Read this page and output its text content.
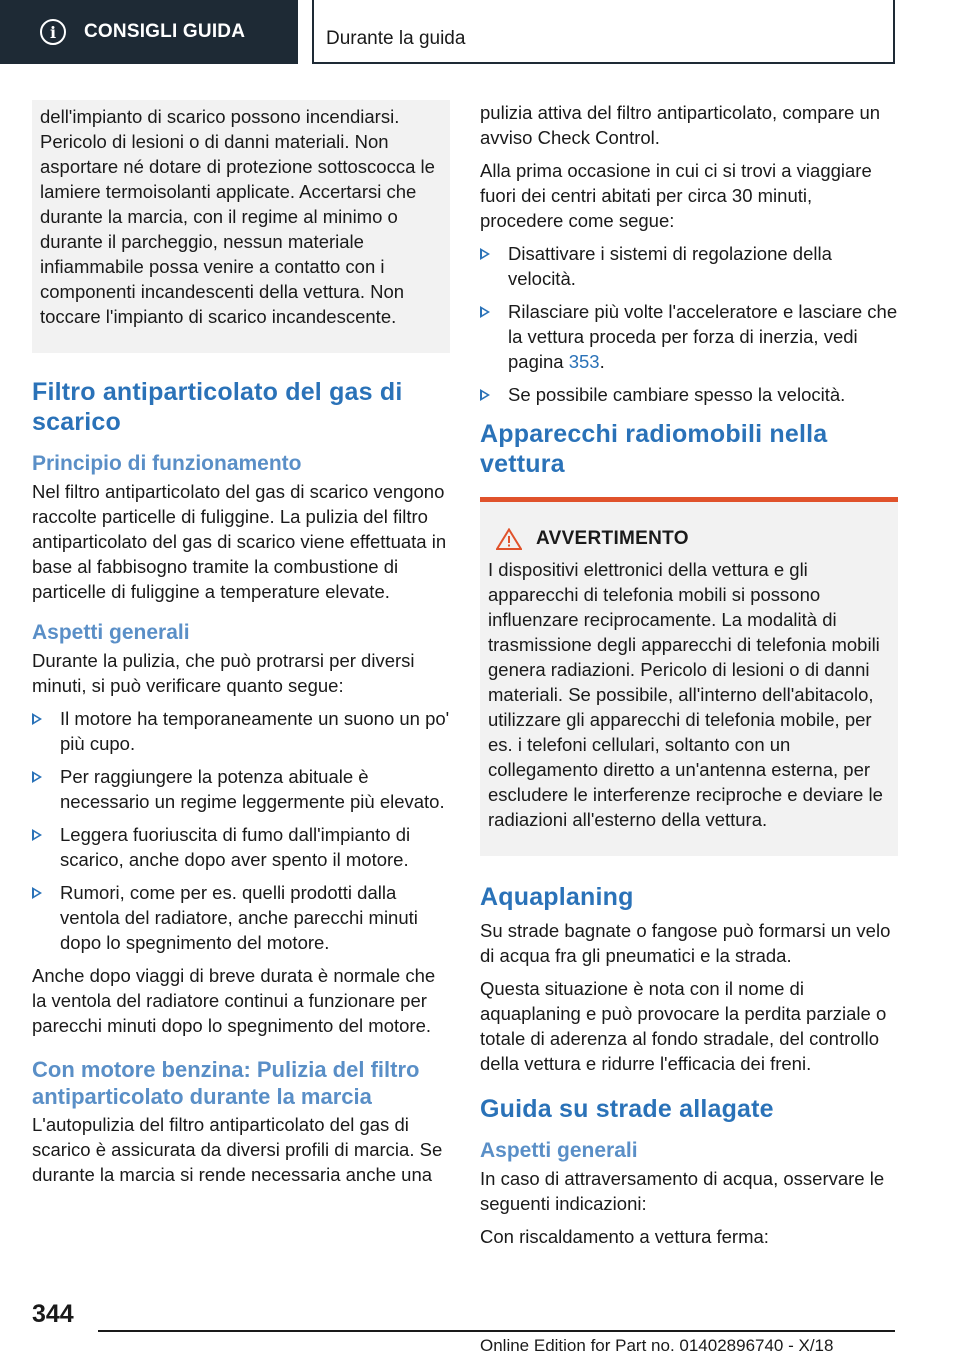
i	CONSIGLI GUIDA	Durante la guida

dell'impianto di scarico possono incendiarsi. Pericolo di lesioni o di danni materiali. Non asportare né dotare di protezione sottoscocca le lamiere termoisolanti applicate. Accertarsi che durante la marcia, con il regime al minimo o durante il parcheggio, nessun materiale infiammabile possa venire a contatto con i componenti incandescenti della vettura. Non toccare l'impianto di scarico incandescente.

Filtro antiparticolato del gas di scarico
Principio di funzionamento

Nel filtro antiparticolato del gas di scarico vengono raccolte particelle di fuliggine. La pulizia del filtro antiparticolato del gas di scarico viene effettuata in base al fabbisogno tramite la combustione di particelle di fuliggine a temperature elevate.

Aspetti generali

Durante la pulizia, che può protrarsi per diversi minuti, si può verificare quanto segue:

Il motore ha temporaneamente un suono un po' più cupo.
Per raggiungere la potenza abituale è necessario un regime leggermente più elevato.
Leggera fuoriuscita di fumo dall'impianto di scarico, anche dopo aver spento il motore.
Rumori, come per es. quelli prodotti dalla ventola del radiatore, anche parecchi minuti dopo lo spegnimento del motore.

Anche dopo viaggi di breve durata è normale che la ventola del radiatore continui a funzionare per parecchi minuti dopo lo spegnimento del motore.

Con motore benzina: Pulizia del filtro antiparticolato durante la marcia

L'autopulizia del filtro antiparticolato del gas di scarico è assicurata da diversi profili di marcia. Se durante la marcia si rende necessaria anche una

pulizia attiva del filtro antiparticolato, compare un avviso Check Control.

Alla prima occasione in cui ci si trovi a viaggiare fuori dei centri abitati per circa 30 minuti, procedere come segue:

Disattivare i sistemi di regolazione della velocità.
Rilasciare più volte l'acceleratore e lasciare che la vettura proceda per forza di inerzia, vedi pagina 353.
Se possibile cambiare spesso la velocità.
Apparecchi radiomobili nella vettura
AVVERTIMENTO

I dispositivi elettronici della vettura e gli apparecchi di telefonia mobili si possono influenzare reciprocamente. La modalità di trasmissione degli apparecchi di telefonia mobili genera radiazioni. Pericolo di lesioni o di danni materiali. Se possibile, all'interno dell'abitacolo, utilizzare gli apparecchi di telefonia mobile, per es. i telefoni cellulari, soltanto con un collegamento diretto a un'antenna esterna, per escludere le interferenze reciproche e deviare le radiazioni all'esterno della vettura.

Aquaplaning

Su strade bagnate o fangose può formarsi un velo di acqua fra gli pneumatici e la strada.

Questa situazione è nota con il nome di aquaplaning e può provocare la perdita parziale o totale di aderenza al fondo stradale, del controllo della vettura e ridurre l'efficacia dei freni.

Guida su strade allagate
Aspetti generali

In caso di attraversamento di acqua, osservare le seguenti indicazioni:

Con riscaldamento a vettura ferma:

344
Online Edition for Part no. 01402896740 - X/18
